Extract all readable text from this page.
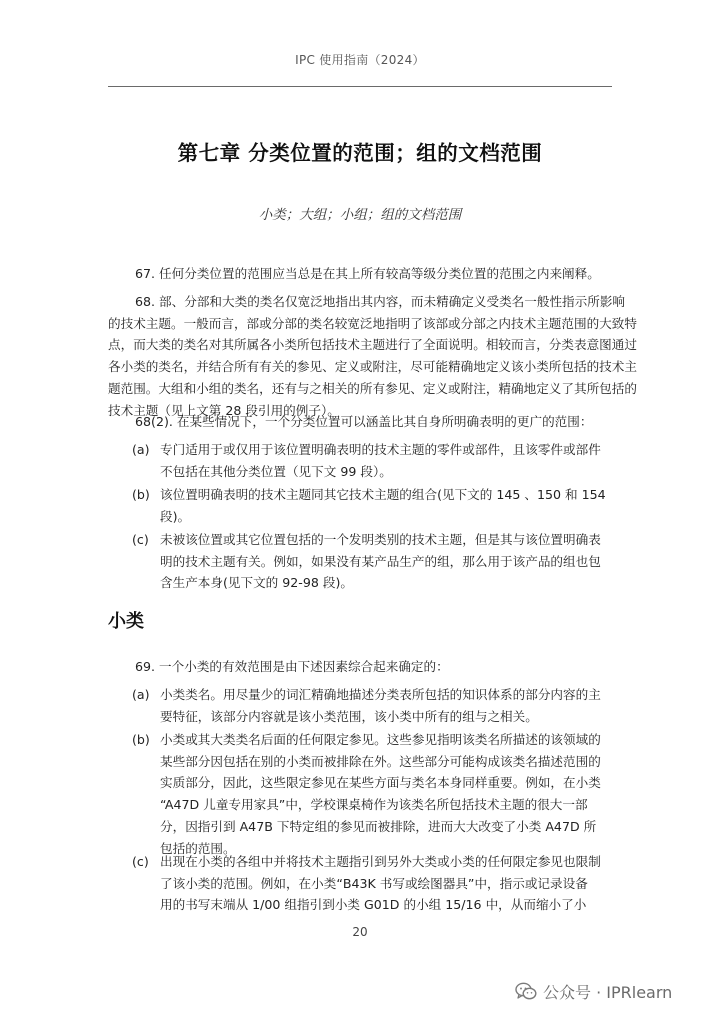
IPC 使用指南（2024）
第七章 分类位置的范围；组的文档范围
小类；大组；小组；组的文档范围
67. 任何分类位置的范围应当总是在其上所有较高等级分类位置的范围之内来阐释。
68. 部、分部和大类的类名仅宽泛地指出其内容，而未精确定义受类名一般性指示所影响
的技术主题。一般而言，部或分部的类名较宽泛地指明了该部或分部之内技术主题范围的大致特
点，而大类的类名对其所属各小类所包括技术主题进行了全面说明。相较而言，分类表意图通过
各小类的类名，并结合所有有关的参见、定义或附注，尽可能精确地定义该小类所包括的技术主
题范围。大组和小组的类名，还有与之相关的所有参见、定义或附注，精确地定义了其所包括的
技术主题（见上文第 28 段引用的例子）。
68(2). 在某些情况下，一个分类位置可以涵盖比其自身所明确表明的更广的范围：
(a) 专门适用于或仅用于该位置明确表明的技术主题的零件或部件，且该零件或部件
不包括在其他分类位置（见下文 99 段）。
(b) 该位置明确表明的技术主题同其它技术主题的组合(见下文的 145 、150 和 154
段)。
(c) 未被该位置或其它位置包括的一个发明类别的技术主题，但是其与该位置明确表
明的技术主题有关。例如，如果没有某产品生产的组，那么用于该产品的组也包
含生产本身(见下文的 92-98 段)。
小类
69. 一个小类的有效范围是由下述因素综合起来确定的：
(a) 小类类名。用尽量少的词汇精确地描述分类表所包括的知识体系的部分内容的主
要特征，该部分内容就是该小类范围，该小类中所有的组与之相关。
(b) 小类或其大类类名后面的任何限定参见。这些参见指明该类名所描述的该领域的
某些部分因包括在别的小类而被排除在外。这些部分可能构成该类名描述范围的
实质部分，因此，这些限定参见在某些方面与类名本身同样重要。例如，在小类
“A47D 儿童专用家具”中，学校课桌椅作为该类名所包括技术主题的很大一部
分，因指引到 A47B 下特定组的参见而被排除，进而大大改变了小类 A47D 所
包括的范围。
(c) 出现在小类的各组中并将技术主题指引到另外大类或小类的任何限定参见也限制
了该小类的范围。例如，在小类“B43K 书写或绘图器具”中，指示或记录设备
用的书写末端从 1/00 组指引到小类 G01D 的小组 15/16 中，从而缩小了小
20
公众号 · IPRlearn
